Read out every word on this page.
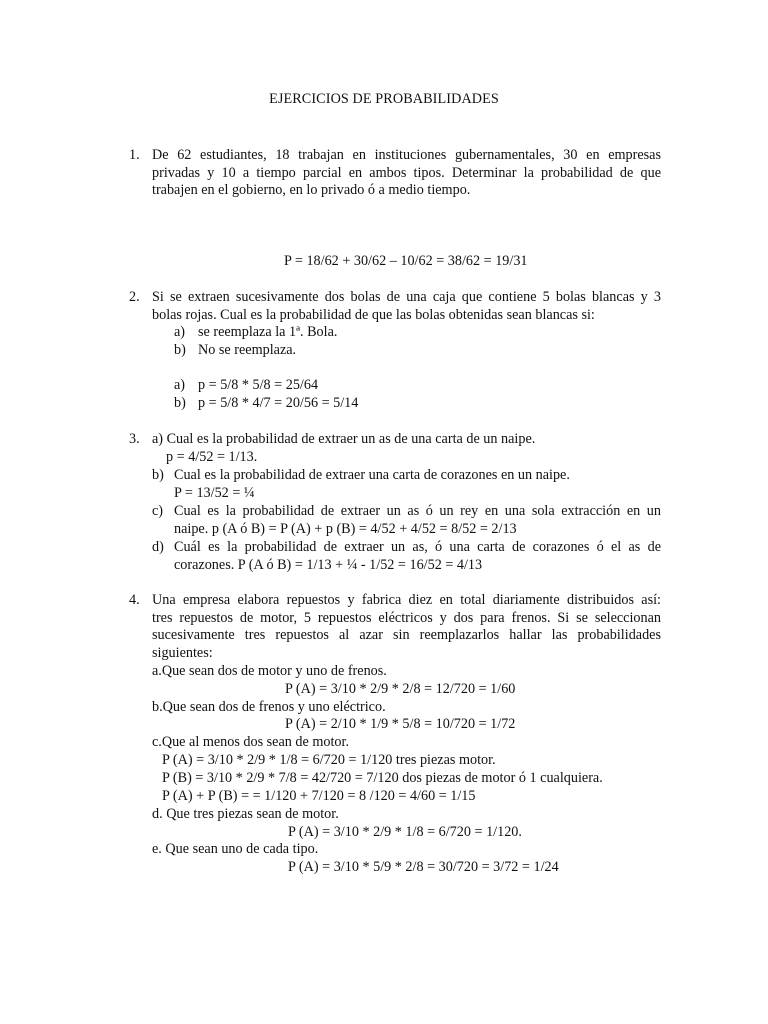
EJERCICIOS DE PROBABILIDADES
1. De 62 estudiantes, 18 trabajan en instituciones gubernamentales, 30 en empresas
privadas y 10 a tiempo parcial en ambos tipos. Determinar la probabilidad de que
trabajen en el gobierno, en lo privado ó a medio tiempo.
P = 18/62 + 30/62 – 10/62 = 38/62 = 19/31
2. Si se extraen sucesivamente dos bolas de una caja que contiene 5 bolas blancas y 3
bolas rojas. Cual es la probabilidad de que las bolas obtenidas sean blancas si:
a) se reemplaza la 1ª. Bola.
b) No se reemplaza.
a) p = 5/8 * 5/8 = 25/64
b) p = 5/8 * 4/7 = 20/56 = 5/14
3. a) Cual es la probabilidad de extraer un as de una carta de un naipe.
p = 4/52 = 1/13.
b) Cual es la probabilidad de extraer una carta de corazones en un naipe.
P = 13/52 = ¼
c) Cual es la probabilidad de extraer un as ó un rey en una sola extracción en un
naipe. p (A ó B) = P (A) + p (B) = 4/52 + 4/52 = 8/52 = 2/13
d) Cuál es la probabilidad de extraer un as, ó una carta de corazones ó el as de
corazones. P (A ó B) = 1/13 + ¼ - 1/52 = 16/52 = 4/13
4. Una empresa elabora repuestos y fabrica diez en total diariamente distribuidos así:
tres repuestos de motor, 5 repuestos eléctricos y dos para frenos. Si se seleccionan
sucesivamente tres repuestos al azar sin reemplazarlos hallar las probabilidades
siguientes:
a.Que sean dos de motor y uno de frenos.
P (A) = 3/10 * 2/9 * 2/8 = 12/720 = 1/60
b.Que sean dos de frenos y uno eléctrico.
P (A) = 2/10 * 1/9 * 5/8 = 10/720 = 1/72
c.Que al menos dos sean de motor.
P (A) = 3/10 * 2/9 * 1/8 = 6/720 = 1/120 tres piezas motor.
P (B) = 3/10 * 2/9 * 7/8 = 42/720 = 7/120 dos piezas de motor ó 1 cualquiera.
P (A) + P (B) = = 1/120 + 7/120 = 8 /120 = 4/60 = 1/15
d. Que tres piezas sean de motor.
P (A) = 3/10 * 2/9 * 1/8 = 6/720 = 1/120.
e. Que sean uno de cada tipo.
P (A) = 3/10 * 5/9 * 2/8 = 30/720 = 3/72 = 1/24
